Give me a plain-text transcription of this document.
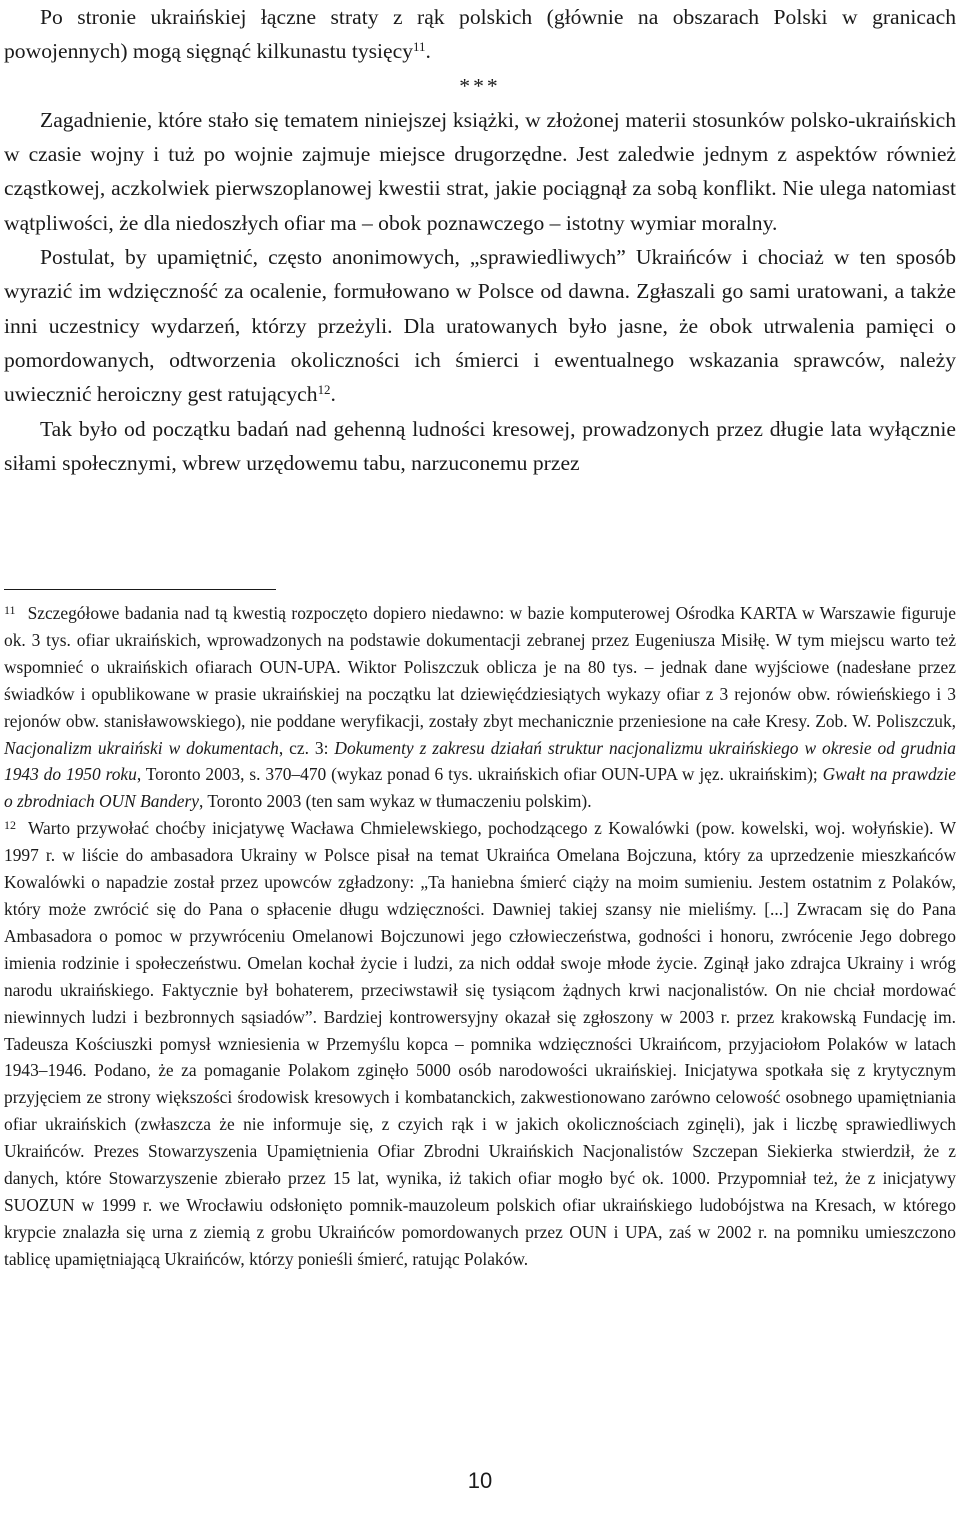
Po stronie ukraińskiej łączne straty z rąk polskich (głównie na obszarach Polski w granicach powojennych) mogą sięgnąć kilkunastu tysięcy$^{11}$.

***

Zagadnienie, które stało się tematem niniejszej książki, w złożonej materii stosunków polsko-ukraińskich w czasie wojny i tuż po wojnie zajmuje miejsce drugorzędne. Jest zaledwie jednym z aspektów również cząstkowej, aczkolwiek pierwszoplanowej kwestii strat, jakie pociągnął za sobą konflikt. Nie ulega natomiast wątpliwości, że dla niedoszłych ofiar ma – obok poznawczego – istotny wymiar moralny.

Postulat, by upamiętnić, często anonimowych, „sprawiedliwych” Ukraińców i chociaż w ten sposób wyrazić im wdzięczność za ocalenie, formułowano w Polsce od dawna. Zgłaszali go sami uratowani, a także inni uczestnicy wydarzeń, którzy przeżyli. Dla uratowanych było jasne, że obok utrwalenia pamięci o pomordowanych, odtworzenia okoliczności ich śmierci i ewentualnego wskazania sprawców, należy uwiecznić heroiczny gest ratujących$^{12}$.

Tak było od początku badań nad gehenną ludności kresowej, prowadzonych przez długie lata wyłącznie siłami społecznymi, wbrew urzędowemu tabu, narzuconemu przez

$^{11}$ Szczegółowe badania nad tą kwestią rozpoczęto dopiero niedawno: w bazie komputerowej Ośrodka KARTA w Warszawie figuruje ok. 3 tys. ofiar ukraińskich, wprowadzonych na podstawie dokumentacji zebranej przez Eugeniusza Misiłę. W tym miejscu warto też wspomnieć o ukraińskich ofiarach OUN-UPA. Wiktor Poliszczuk oblicza je na 80 tys. – jednak dane wyjściowe (nadesłane przez świadków i opublikowane w prasie ukraińskiej na początku lat dziewięćdziesiątych wykazy ofiar z 3 rejonów obw. rówieńskiego i 3 rejonów obw. stanisławowskiego), nie poddane weryfikacji, zostały zbyt mechanicznie przeniesione na całe Kresy. Zob. W. Poliszczuk, Nacjonalizm ukraiński w dokumentach, cz. 3: Dokumenty z zakresu działań struktur nacjonalizmu ukraińskiego w okresie od grudnia 1943 do 1950 roku, Toronto 2003, s. 370–470 (wykaz ponad 6 tys. ukraińskich ofiar OUN-UPA w jęz. ukraińskim); Gwałt na prawdzie o zbrodniach OUN Bandery, Toronto 2003 (ten sam wykaz w tłumaczeniu polskim).

$^{12}$ Warto przywołać choćby inicjatywę Wacława Chmielewskiego, pochodzącego z Kowalówki (pow. kowelski, woj. wołyńskie). W 1997 r. w liście do ambasadora Ukrainy w Polsce pisał na temat Ukraińca Omelana Bojczuna, który za uprzedzenie mieszkańców Kowalówki o napadzie został przez upowców zgładzony: „Ta haniebna śmierć ciąży na moim sumieniu. Jestem ostatnim z Polaków, który może zwrócić się do Pana o spłacenie długu wdzięczności. Dawniej takiej szansy nie mieliśmy. [...] Zwracam się do Pana Ambasadora o pomoc w przywróceniu Omelanowi Bojczunowi jego człowieczeństwa, godności i honoru, zwrócenie Jego dobrego imienia rodzinie i społeczeństwu. Omelan kochał życie i ludzi, za nich oddał swoje młode życie. Zginął jako zdrajca Ukrainy i wróg narodu ukraińskiego. Faktycznie był bohaterem, przeciwstawił się tysiącom żądnych krwi nacjonalistów. On nie chciał mordować niewinnych ludzi i bezbronnych sąsiadów”. Bardziej kontrowersyjny okazał się zgłoszony w 2003 r. przez krakowską Fundację im. Tadeusza Kościuszki pomysł wzniesienia w Przemyślu kopca – pomnika wdzięczności Ukraińcom, przyjaciołom Polaków w latach 1943–1946. Podano, że za pomaganie Polakom zginęło 5000 osób narodowości ukraińskiej. Inicjatywa spotkała się z krytycznym przyjęciem ze strony większości środowisk kresowych i kombatanckich, zakwestionowano zarówno celowość osobnego upamiętniania ofiar ukraińskich (zwłaszcza że nie informuje się, z czyich rąk i w jakich okolicznościach zginęli), jak i liczbę sprawiedliwych Ukraińców. Prezes Stowarzyszenia Upamiętnienia Ofiar Zbrodni Ukraińskich Nacjonalistów Szczepan Siekierka stwierdził, że z danych, które Stowarzyszenie zbierało przez 15 lat, wynika, iż takich ofiar mogło być ok. 1000. Przypomniał też, że z inicjatywy SUOZUN w 1999 r. we Wrocławiu odsłonięto pomnik-mauzoleum polskich ofiar ukraińskiego ludobójstwa na Kresach, w którego krypcie znalazła się urna z ziemią z grobu Ukraińców pomordowanych przez OUN i UPA, zaś w 2002 r. na pomniku umieszczono tablicę upamiętniającą Ukraińców, którzy ponieśli śmierć, ratując Polaków.

10
